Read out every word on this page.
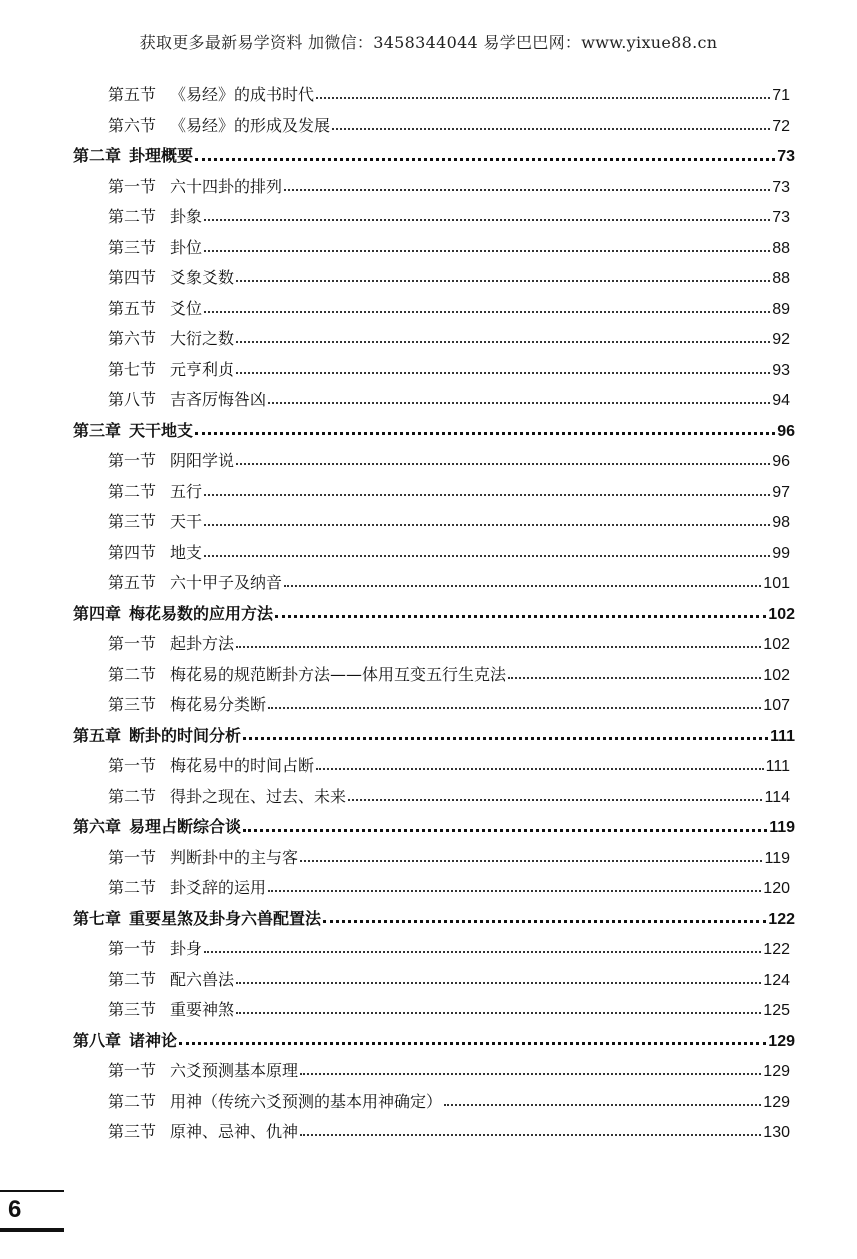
获取更多最新易学资料 加微信：3458344044 易学巴巴网：www.yixue88.cn
第五节 《易经》的成书时代	71
第六节 《易经》的形成及发展	72
第二章 卦理概要	73
第一节 六十四卦的排列	73
第二节 卦象	73
第三节 卦位	88
第四节 爻象爻数	88
第五节 爻位	89
第六节 大衍之数	92
第七节 元亨利贞	93
第八节 吉吝厉悔咎凶	94
第三章 天干地支	96
第一节 阴阳学说	96
第二节 五行	97
第三节 天干	98
第四节 地支	99
第五节 六十甲子及纳音	101
第四章 梅花易数的应用方法	102
第一节 起卦方法	102
第二节 梅花易的规范断卦方法——体用互变五行生克法	102
第三节 梅花易分类断	107
第五章 断卦的时间分析	111
第一节 梅花易中的时间占断	111
第二节 得卦之现在、过去、未来	114
第六章 易理占断综合谈	119
第一节 判断卦中的主与客	119
第二节 卦爻辞的运用	120
第七章 重要星煞及卦身六兽配置法	122
第一节 卦身	122
第二节 配六兽法	124
第三节 重要神煞	125
第八章 诸神论	129
第一节 六爻预测基本原理	129
第二节 用神（传统六爻预测的基本用神确定）	129
第三节 原神、忌神、仇神	130
6
